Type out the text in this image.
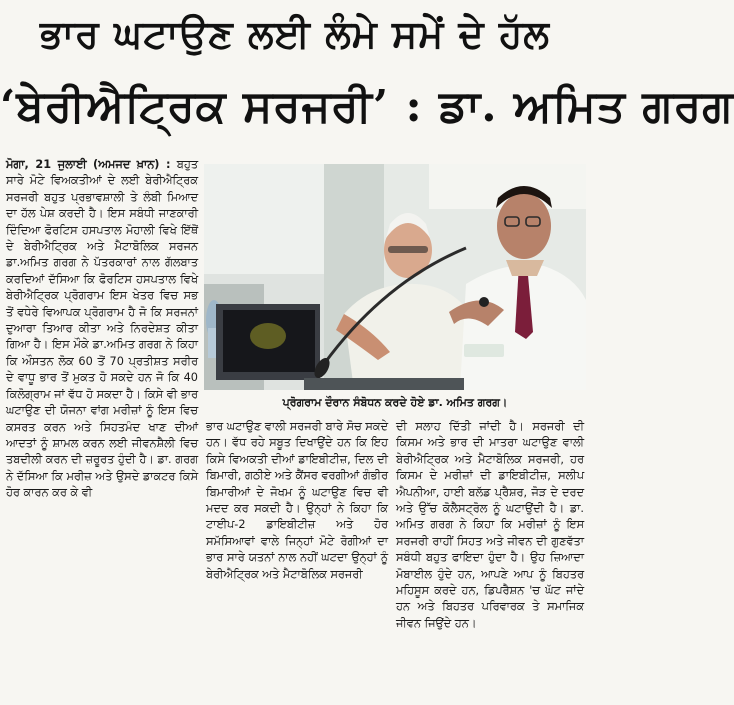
ਭਾਰ ਘਟਾਉਣ ਲਈ ਲੰਮੇ ਸਮੇਂ ਦੇ ਹੱਲ
‘ਬੇਰੀਐਟ੍ਰਿਕ ਸਰਜਰੀ’ : ਡਾ. ਅਮਿਤ ਗਰਗ

ਮੋਗਾ, 21 ਜੁਲਾਈ (ਅਮਜਦ ਖ਼ਾਨ) : ਬਹੁਤ ਸਾਰੇ ਮੋਟੇ ਵਿਅਕਤੀਆਂ ਦੇ ਲਈ ਬੇਰੀਐਟ੍ਰਿਕ ਸਰਜਰੀ ਬਹੁਤ ਪ੍ਰਭਾਵਸ਼ਾਲੀ ਤੇ ਲੰਬੀ ਮਿਆਦ ਦਾ ਹੱਲ ਪੇਸ਼ ਕਰਦੀ ਹੈ। ਇਸ ਸਬੰਧੀ ਜਾਣਕਾਰੀ ਦਿੰਦਿਆ ਫੋਰਟਿਸ ਹਸਪਤਾਲ ਮੋਹਾਲੀ ਵਿਖੇ ਇੱਥੋਂ ਦੇ ਬੇਰੀਐਟ੍ਰਿਕ ਅਤੇ ਮੈਟਾਬੋਲਿਕ ਸਰਜਨ ਡਾ.ਅਮਿਤ ਗਰਗ ਨੇ ਪੱਤਰਕਾਰਾਂ ਨਾਲ ਗੱਲਬਾਤ ਕਰਦਿਆਂ ਦੱਸਿਆ ਕਿ ਫੋਰਟਿਸ ਹਸਪਤਾਲ ਵਿਖੇ ਬੇਰੀਐਟ੍ਰਿਕ ਪ੍ਰੋਗਰਾਮ ਇਸ ਖੇਤਰ ਵਿਚ ਸਭ ਤੋਂ ਵਧੇਰੇ ਵਿਆਪਕ ਪ੍ਰੋਗਰਾਮ ਹੈ ਜੋ ਕਿ ਸਰਜਨਾਂ ਦੁਆਰਾ ਤਿਆਰ ਕੀਤਾ ਅਤੇ ਨਿਰਦੇਸ਼ਤ ਕੀਤਾ ਗਿਆ ਹੈ। ਇਸ ਮੌਕੇ ਡਾ.ਅਮਿਤ ਗਰਗ ਨੇ ਕਿਹਾ ਕਿ ਔਸਤਨ ਲੋਕ 60 ਤੋਂ 70 ਪ੍ਰਤੀਸ਼ਤ ਸਰੀਰ ਦੇ ਵਾਧੂ ਭਾਰ ਤੋਂ ਮੁਕਤ ਹੋ ਸਕਦੇ ਹਨ ਜੋ ਕਿ 40 ਕਿਲੋਗ੍ਰਾਮ ਜਾਂ ਵੱਧ ਹੋ ਸਕਦਾ ਹੈ। ਕਿਸੇ ਵੀ ਭਾਰ ਘਟਾਉਣ ਦੀ ਯੋਜਨਾ ਵਾਂਗ ਮਰੀਜ਼ਾਂ ਨੂੰ ਇਸ ਵਿਚ ਕਸਰਤ ਕਰਨ ਅਤੇ ਸਿਹਤਮੰਦ ਖਾਣ ਦੀਆਂ ਆਦਤਾਂ ਨੂੰ ਸ਼ਾਮਲ ਕਰਨ ਲਈ ਜੀਵਨਸ਼ੈਲੀ ਵਿਚ ਤਬਦੀਲੀ ਕਰਨ ਦੀ ਜ਼ਰੂਰਤ ਹੁੰਦੀ ਹੈ। ਡਾ. ਗਰਗ ਨੇ ਦੱਸਿਆ ਕਿ ਮਰੀਜ਼ ਅਤੇ ਉਸਦੇ ਡਾਕਟਰ ਕਿਸੇ ਹੋਰ ਕਾਰਨ ਕਰ ਕੇ ਵੀ

ਪ੍ਰੋਗਰਾਮ ਦੌਰਾਨ ਸੰਬੋਧਨ ਕਰਦੇ ਹੋਏ ਡਾ. ਅਮਿਤ ਗਰਗ।

ਭਾਰ ਘਟਾਉਣ ਵਾਲੀ ਸਰਜਰੀ ਬਾਰੇ ਸੋਚ ਸਕਦੇ ਹਨ। ਵੱਧ ਰਹੇ ਸਬੂਤ ਦਿਖਾਉਂਦੇ ਹਨ ਕਿ ਇਹ ਕਿਸੇ ਵਿਅਕਤੀ ਦੀਆਂ ਡਾਇਬੀਟੀਜ਼, ਦਿਲ ਦੀ ਬਿਮਾਰੀ, ਗਠੀਏ ਅਤੇ ਕੈਂਸਰ ਵਰਗੀਆਂ ਗੰਭੀਰ ਬਿਮਾਰੀਆਂ ਦੇ ਜੋਖਮ ਨੂੰ ਘਟਾਉਣ ਵਿਚ ਵੀ ਮਦਦ ਕਰ ਸਕਦੀ ਹੈ। ਉਨ੍ਹਾਂ ਨੇ ਕਿਹਾ ਕਿ ਟਾਈਪ-2 ਡਾਇਬੀਟੀਜ਼ ਅਤੇ ਹੋਰ ਸਮੱਸਿਆਵਾਂ ਵਾਲੇ ਜਿਨ੍ਹਾਂ ਮੋਟੇ ਰੋਗੀਆਂ ਦਾ ਭਾਰ ਸਾਰੇ ਯਤਨਾਂ ਨਾਲ ਨਹੀਂ ਘਟਦਾ ਉਨ੍ਹਾਂ ਨੂੰ ਬੇਰੀਐਟ੍ਰਿਕ ਅਤੇ ਮੈਟਾਬੋਲਿਕ ਸਰਜਰੀ

ਦੀ ਸਲਾਹ ਦਿੱਤੀ ਜਾਂਦੀ ਹੈ। ਸਰਜਰੀ ਦੀ ਕਿਸਮ ਅਤੇ ਭਾਰ ਦੀ ਮਾਤਰਾ ਘਟਾਉਣ ਵਾਲੀ ਬੇਰੀਐਟ੍ਰਿਕ ਅਤੇ ਮੈਟਾਬੋਲਿਕ ਸਰਜਰੀ, ਹਰ ਕਿਸਮ ਦੇ ਮਰੀਜ਼ਾਂ ਦੀ ਡਾਇਬੀਟੀਜ਼, ਸਲੀਪ ਐਪਨੀਆ, ਹਾਈ ਬਲੱਡ ਪ੍ਰੈਸ਼ਰ, ਜੋੜ ਦੇ ਦਰਦ ਅਤੇ ਉੱਚ ਕੋਲੈਸਟ੍ਰੋਲ ਨੂੰ ਘਟਾਉਂਦੀ ਹੈ। ਡਾ. ਅਮਿਤ ਗਰਗ ਨੇ ਕਿਹਾ ਕਿ ਮਰੀਜ਼ਾਂ ਨੂੰ ਇਸ ਸਰਜਰੀ ਰਾਹੀਂ ਸਿਹਤ ਅਤੇ ਜੀਵਨ ਦੀ ਗੁਣਵੱਤਾ ਸਬੰਧੀ ਬਹੁਤ ਫਾਇਦਾ ਹੁੰਦਾ ਹੈ। ਉਹ ਜ਼ਿਆਦਾ ਮੋਬਾਈਲ ਹੁੰਦੇ ਹਨ, ਆਪਣੇ ਆਪ ਨੂੰ ਬਿਹਤਰ ਮਹਿਸੂਸ ਕਰਦੇ ਹਨ, ਡਿਪਰੈਸ਼ਨ 'ਚ ਘੱਟ ਜਾਂਦੇ ਹਨ ਅਤੇ ਬਿਹਤਰ ਪਰਿਵਾਰਕ ਤੇ ਸਮਾਜਿਕ ਜੀਵਨ ਜਿਉਂਦੇ ਹਨ।
